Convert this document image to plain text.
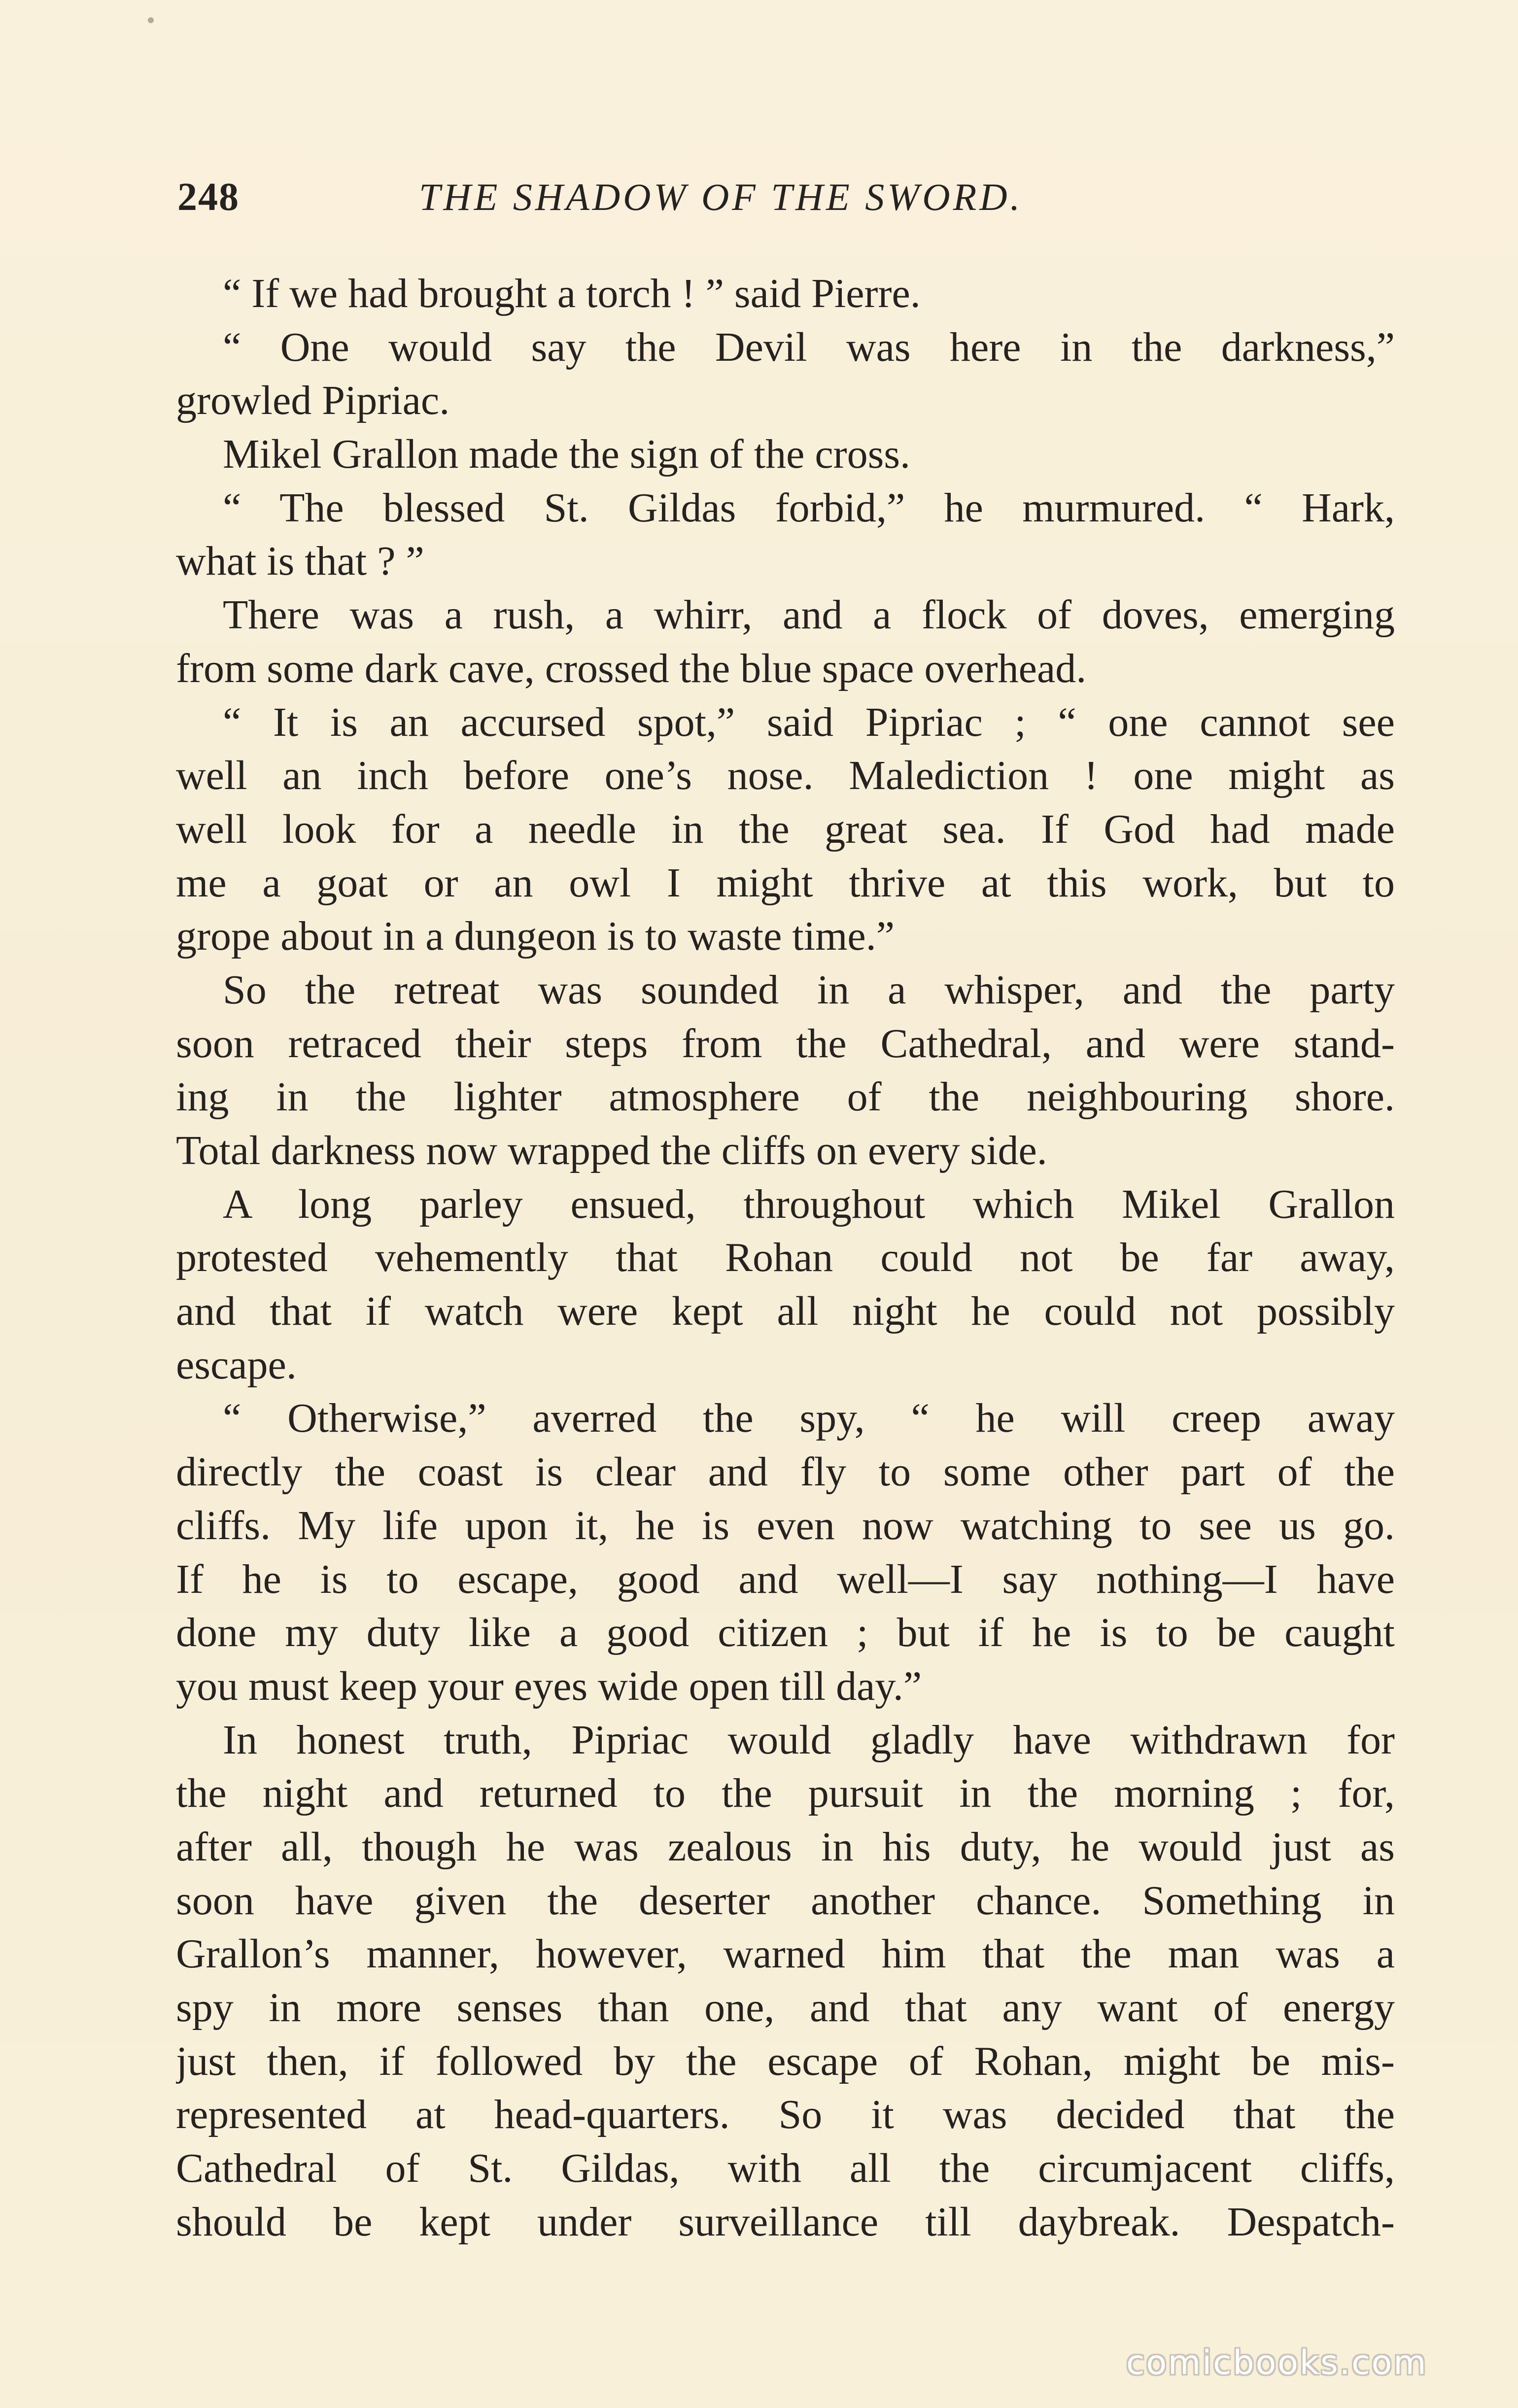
248	THE SHADOW OF THE SWORD.
“ If we had brought a torch ! ” said Pierre.
“ One would say the Devil was here in the darkness,”
growled Pipriac.
Mikel Grallon made the sign of the cross.
“ The blessed St. Gildas forbid,” he murmured. “ Hark,
what is that ? ”
There was a rush, a whirr, and a flock of doves, emerging
from some dark cave, crossed the blue space overhead.
“ It is an accursed spot,” said Pipriac ; “ one cannot see
well an inch before one’s nose. Malediction ! one might as
well look for a needle in the great sea. If God had made
me a goat or an owl I might thrive at this work, but to
grope about in a dungeon is to waste time.”
So the retreat was sounded in a whisper, and the party
soon retraced their steps from the Cathedral, and were stand-
ing in the lighter atmosphere of the neighbouring shore.
Total darkness now wrapped the cliffs on every side.
A long parley ensued, throughout which Mikel Grallon
protested vehemently that Rohan could not be far away,
and that if watch were kept all night he could not possibly
escape.
“ Otherwise,” averred the spy, “ he will creep away
directly the coast is clear and fly to some other part of the
cliffs. My life upon it, he is even now watching to see us go.
If he is to escape, good and well—I say nothing—I have
done my duty like a good citizen ; but if he is to be caught
you must keep your eyes wide open till day.”
In honest truth, Pipriac would gladly have withdrawn for
the night and returned to the pursuit in the morning ; for,
after all, though he was zealous in his duty, he would just as
soon have given the deserter another chance. Something in
Grallon’s manner, however, warned him that the man was a
spy in more senses than one, and that any want of energy
just then, if followed by the escape of Rohan, might be mis-
represented at head-quarters. So it was decided that the
Cathedral of St. Gildas, with all the circumjacent cliffs,
should be kept under surveillance till daybreak. Despatch-
comicbooks.com
